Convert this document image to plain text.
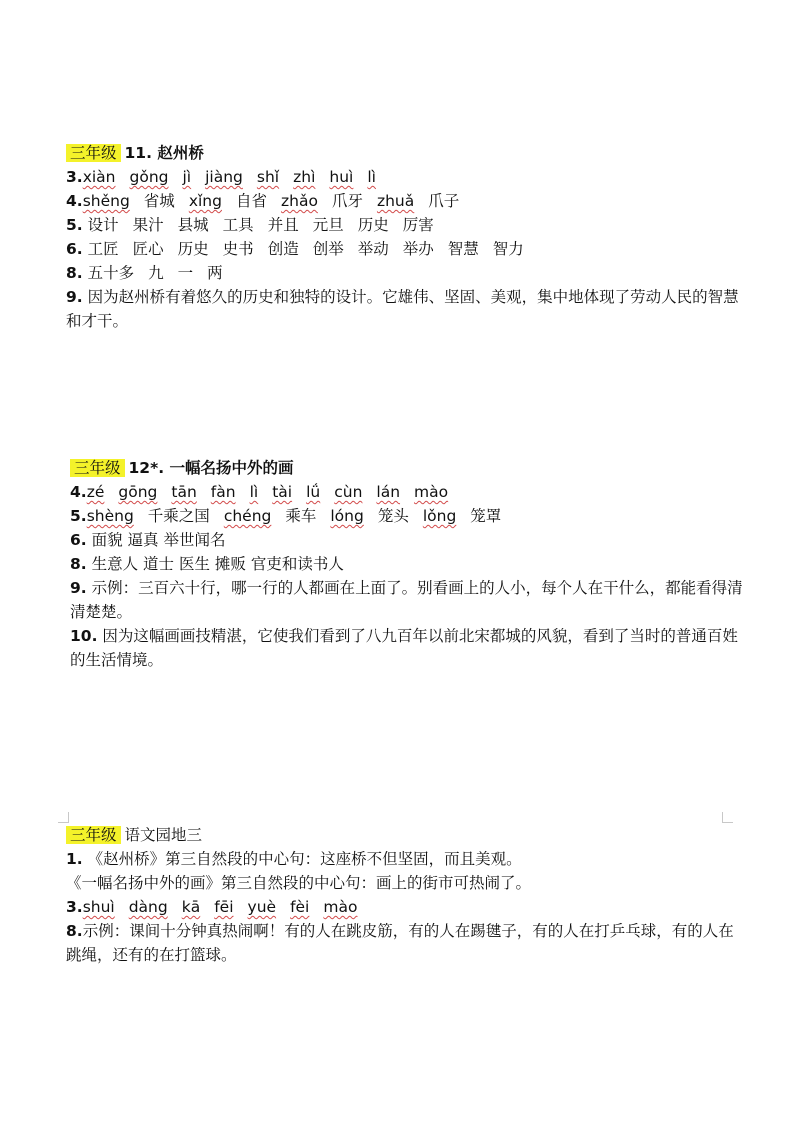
三年级 11. 赵州桥
3.xiàn gǒng jì jiàng shǐ zhì huì lì
4.shěng 省城 xǐng 自省 zhǎo 爪牙 zhuǎ 爪子
5. 设计 果汁 县城 工具 并且 元旦 历史 厉害
6. 工匠 匠心 历史 史书 创造 创举 举动 举办 智慧 智力
8. 五十多 九 一 两
9. 因为赵州桥有着悠久的历史和独特的设计。它雄伟、坚固、美观，集中地体现了劳动人民的智慧和才干。
三年级 12*. 一幅名扬中外的画
4.zé gōng tān fàn lì tài lǘ cùn lán mào
5.shèng 千乘之国 chéng 乘车 lóng 笼头 lǒng 笼罩
6. 面貌 逼真 举世闻名
8. 生意人 道士 医生 摊贩 官吏和读书人
9. 示例：三百六十行，哪一行的人都画在上面了。别看画上的人小，每个人在干什么，都能看得清清楚楚。
10. 因为这幅画画技精湛，它使我们看到了八九百年以前北宋都城的风貌，看到了当时的普通百姓的生活情境。
三年级 语文园地三
1. 《赵州桥》第三自然段的中心句：这座桥不但坚固，而且美观。
《一幅名扬中外的画》第三自然段的中心句：画上的街市可热闹了。
3.shuì dàng kā fēi yuè fèi mào
8.示例：课间十分钟真热闹啊！有的人在跳皮筋，有的人在踢毽子，有的人在打乒乓球，有的人在跳绳，还有的在打篮球。
